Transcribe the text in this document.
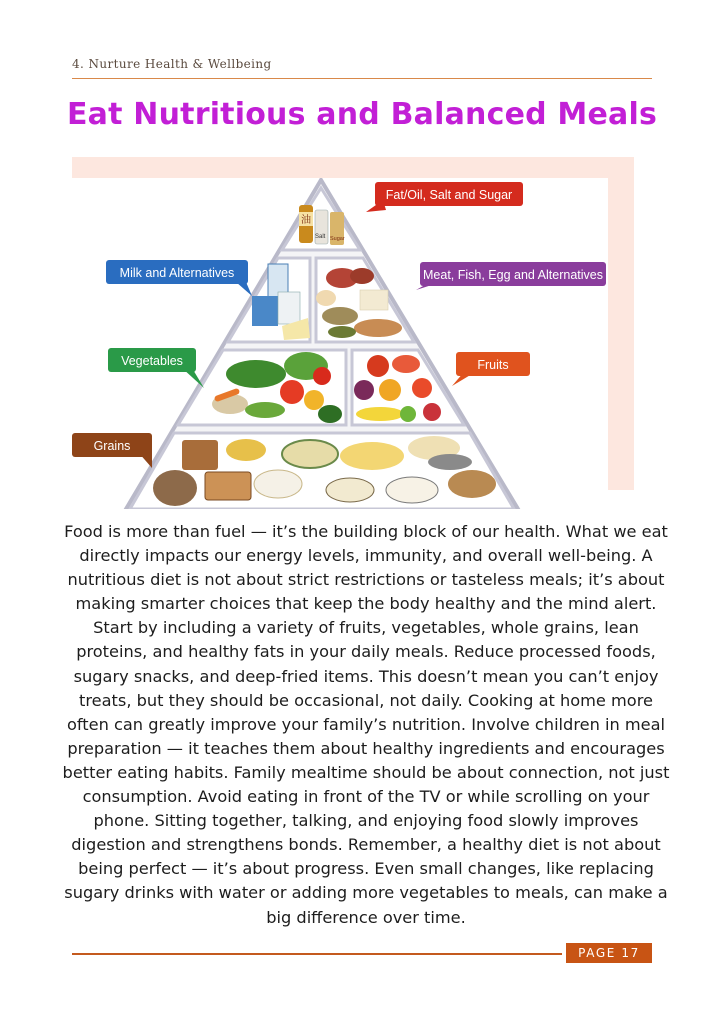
4. Nurture Health & Wellbeing
Eat Nutritious and Balanced Meals
油
Salt Sugar
Fat/Oil, Salt and Sugar
Milk and Alternatives	Meat, Fish, Egg and Alternatives
Vegetables	Fruits
Grains

Food is more than fuel — it’s the building block of our health. What we eat directly impacts our energy levels, immunity, and overall well-being. A nutritious diet is not about strict restrictions or tasteless meals; it’s about making smarter choices that keep the body healthy and the mind alert. Start by including a variety of fruits, vegetables, whole grains, lean proteins, and healthy fats in your daily meals. Reduce processed foods, sugary snacks, and deep-fried items. This doesn’t mean you can’t enjoy treats, but they should be occasional, not daily. Cooking at home more often can greatly improve your family’s nutrition. Involve children in meal preparation — it teaches them about healthy ingredients and encourages better eating habits. Family mealtime should be about connection, not just consumption. Avoid eating in front of the TV or while scrolling on your phone. Sitting together, talking, and enjoying food slowly improves digestion and strengthens bonds. Remember, a healthy diet is not about being perfect — it’s about progress. Even small changes, like replacing sugary drinks with water or adding more vegetables to meals, can make a big difference over time.

PAGE 17
